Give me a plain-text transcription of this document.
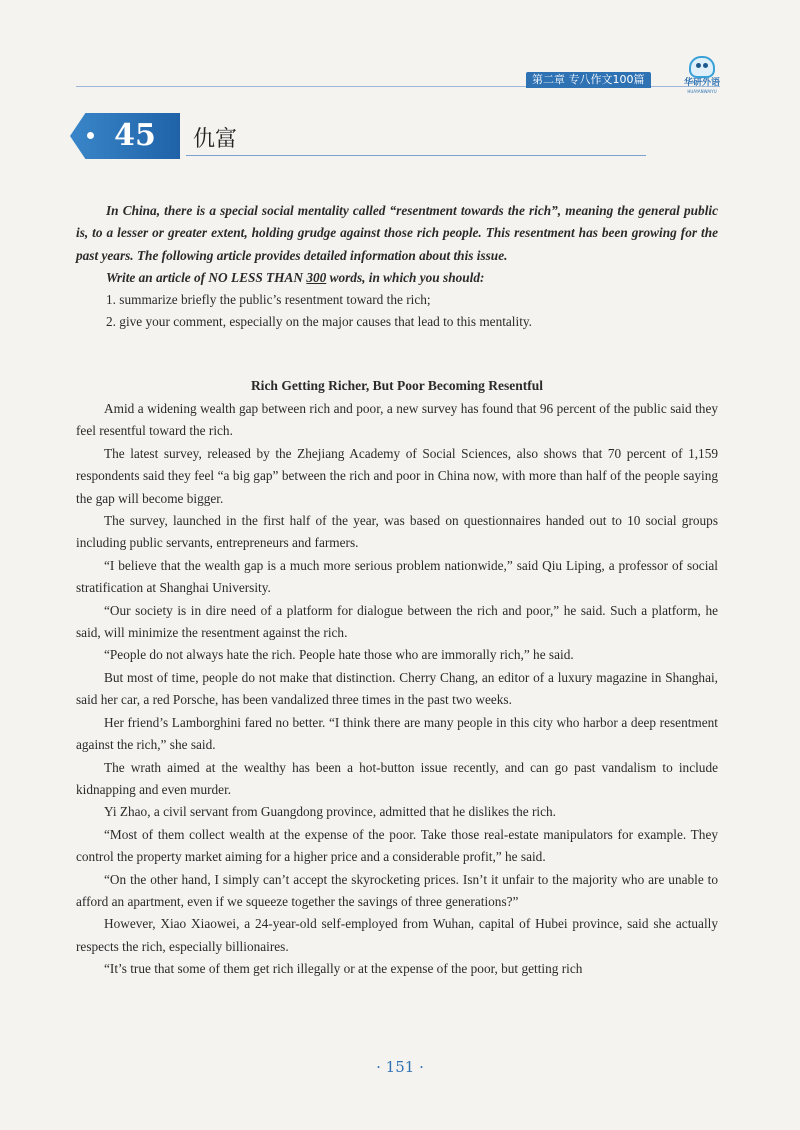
第二章 专八作文100篇	华研外语
HUAYANWAIYU
45	仇富

In China, there is a special social mentality called “resentment towards the rich”, meaning the general public is, to a lesser or greater extent, holding grudge against those rich people. This resentment has been growing for the past years. The following article provides detailed information about this issue.

Write an article of NO LESS THAN 300 words, in which you should:

1. summarize briefly the public’s resentment toward the rich;

2. give your comment, especially on the major causes that lead to this mentality.

Rich Getting Richer, But Poor Becoming Resentful

Amid a widening wealth gap between rich and poor, a new survey has found that 96 percent of the public said they feel resentful toward the rich.

The latest survey, released by the Zhejiang Academy of Social Sciences, also shows that 70 percent of 1,159 respondents said they feel “a big gap” between the rich and poor in China now, with more than half of the people saying the gap will become bigger.

The survey, launched in the first half of the year, was based on questionnaires handed out to 10 social groups including public servants, entrepreneurs and farmers.

“I believe that the wealth gap is a much more serious problem nationwide,” said Qiu Liping, a professor of social stratification at Shanghai University.

“Our society is in dire need of a platform for dialogue between the rich and poor,” he said. Such a platform, he said, will minimize the resentment against the rich.

“People do not always hate the rich. People hate those who are immorally rich,” he said.

But most of time, people do not make that distinction. Cherry Chang, an editor of a luxury magazine in Shanghai, said her car, a red Porsche, has been vandalized three times in the past two weeks.

Her friend’s Lamborghini fared no better. “I think there are many people in this city who harbor a deep resentment against the rich,” she said.

The wrath aimed at the wealthy has been a hot-button issue recently, and can go past vandalism to include kidnapping and even murder.

Yi Zhao, a civil servant from Guangdong province, admitted that he dislikes the rich.

“Most of them collect wealth at the expense of the poor. Take those real-estate manipulators for example. They control the property market aiming for a higher price and a considerable profit,” he said.

“On the other hand, I simply can’t accept the skyrocketing prices. Isn’t it unfair to the majority who are unable to afford an apartment, even if we squeeze together the savings of three generations?”

However, Xiao Xiaowei, a 24-year-old self-employed from Wuhan, capital of Hubei province, said she actually respects the rich, especially billionaires.

“It’s true that some of them get rich illegally or at the expense of the poor, but getting rich

· 151 ·
